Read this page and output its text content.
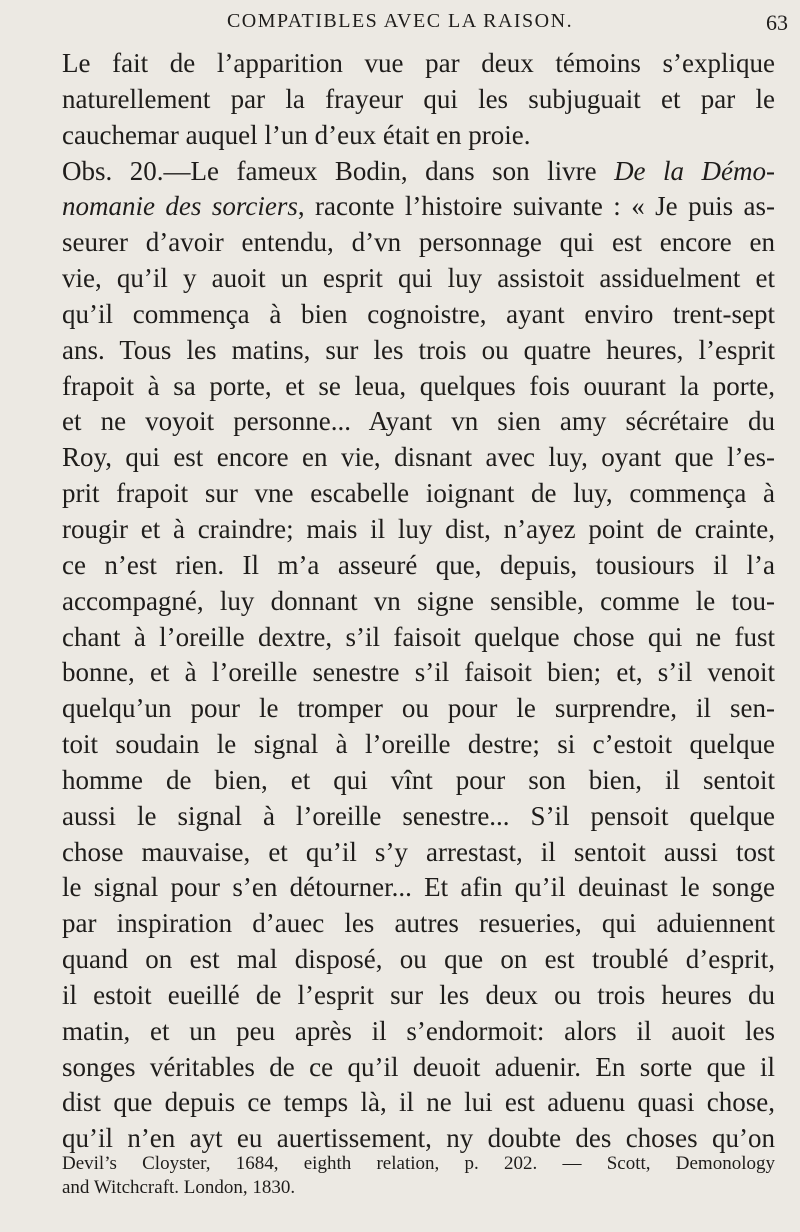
COMPATIBLES AVEC LA RAISON.	63
Le fait de l’apparition vue par deux témoins s’explique
naturellement par la frayeur qui les subjuguait et par le
cauchemar auquel l’un d’eux était en proie.
Obs. 20.—Le fameux Bodin, dans son livre De la Démo-
nomanie des sorciers, raconte l’histoire suivante : « Je puis as-
seurer d’avoir entendu, d’vn personnage qui est encore en
vie, qu’il y auoit un esprit qui luy assistoit assiduelment et
qu’il commença à bien cognoistre, ayant enviro trent-sept
ans. Tous les matins, sur les trois ou quatre heures, l’esprit
frapoit à sa porte, et se leua, quelques fois ouurant la porte,
et ne voyoit personne... Ayant vn sien amy sécrétaire du
Roy, qui est encore en vie, disnant avec luy, oyant que l’es-
prit frapoit sur vne escabelle ioignant de luy, commença à
rougir et à craindre; mais il luy dist, n’ayez point de crainte,
ce n’est rien. Il m’a asseuré que, depuis, tousiours il l’a
accompagné, luy donnant vn signe sensible, comme le tou-
chant à l’oreille dextre, s’il faisoit quelque chose qui ne fust
bonne, et à l’oreille senestre s’il faisoit bien; et, s’il venoit
quelqu’un pour le tromper ou pour le surprendre, il sen-
toit soudain le signal à l’oreille destre; si c’estoit quelque
homme de bien, et qui vînt pour son bien, il sentoit
aussi le signal à l’oreille senestre... S’il pensoit quelque
chose mauvaise, et qu’il s’y arrestast, il sentoit aussi tost
le signal pour s’en détourner... Et afin qu’il deuinast le songe
par inspiration d’auec les autres resueries, qui aduiennent
quand on est mal disposé, ou que on est troublé d’esprit,
il estoit eueillé de l’esprit sur les deux ou trois heures du
matin, et un peu après il s’endormoit: alors il auoit les
songes véritables de ce qu’il deuoit aduenir. En sorte que il
dist que depuis ce temps là, il ne lui est aduenu quasi chose,
qu’il n’en ayt eu auertissement, ny doubte des choses qu’on
Devil’s Cloyster, 1684, eighth relation, p. 202. — Scott, Demonology
and Witchcraft. London, 1830.
